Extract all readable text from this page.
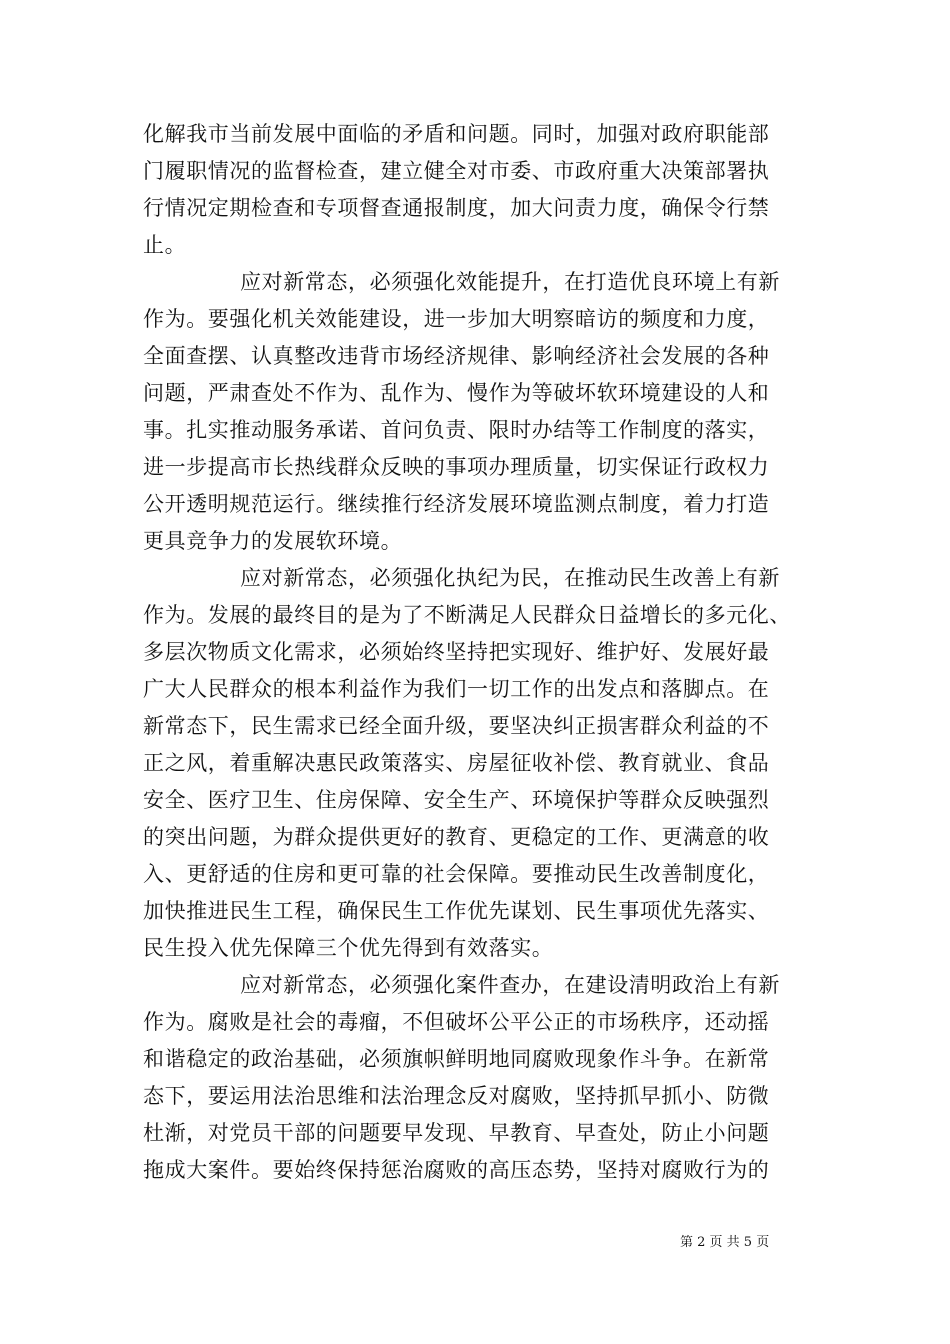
化解我市当前发展中面临的矛盾和问题。同时，加强对政府职能部
门履职情况的监督检查，建立健全对市委、市政府重大决策部署执
行情况定期检查和专项督查通报制度，加大问责力度，确保令行禁
止。
应对新常态，必须强化效能提升，在打造优良环境上有新
作为。要强化机关效能建设，进一步加大明察暗访的频度和力度，
全面查摆、认真整改违背市场经济规律、影响经济社会发展的各种
问题，严肃查处不作为、乱作为、慢作为等破坏软环境建设的人和
事。扎实推动服务承诺、首问负责、限时办结等工作制度的落实，
进一步提高市长热线群众反映的事项办理质量，切实保证行政权力
公开透明规范运行。继续推行经济发展环境监测点制度，着力打造
更具竞争力的发展软环境。
应对新常态，必须强化执纪为民，在推动民生改善上有新
作为。发展的最终目的是为了不断满足人民群众日益增长的多元化、
多层次物质文化需求，必须始终坚持把实现好、维护好、发展好最
广大人民群众的根本利益作为我们一切工作的出发点和落脚点。在
新常态下，民生需求已经全面升级，要坚决纠正损害群众利益的不
正之风，着重解决惠民政策落实、房屋征收补偿、教育就业、食品
安全、医疗卫生、住房保障、安全生产、环境保护等群众反映强烈
的突出问题，为群众提供更好的教育、更稳定的工作、更满意的收
入、更舒适的住房和更可靠的社会保障。要推动民生改善制度化，
加快推进民生工程，确保民生工作优先谋划、民生事项优先落实、
民生投入优先保障三个优先得到有效落实。
应对新常态，必须强化案件查办，在建设清明政治上有新
作为。腐败是社会的毒瘤，不但破坏公平公正的市场秩序，还动摇
和谐稳定的政治基础，必须旗帜鲜明地同腐败现象作斗争。在新常
态下，要运用法治思维和法治理念反对腐败，坚持抓早抓小、防微
杜渐，对党员干部的问题要早发现、早教育、早查处，防止小问题
拖成大案件。要始终保持惩治腐败的高压态势，坚持对腐败行为的
第 2 页 共 5 页
